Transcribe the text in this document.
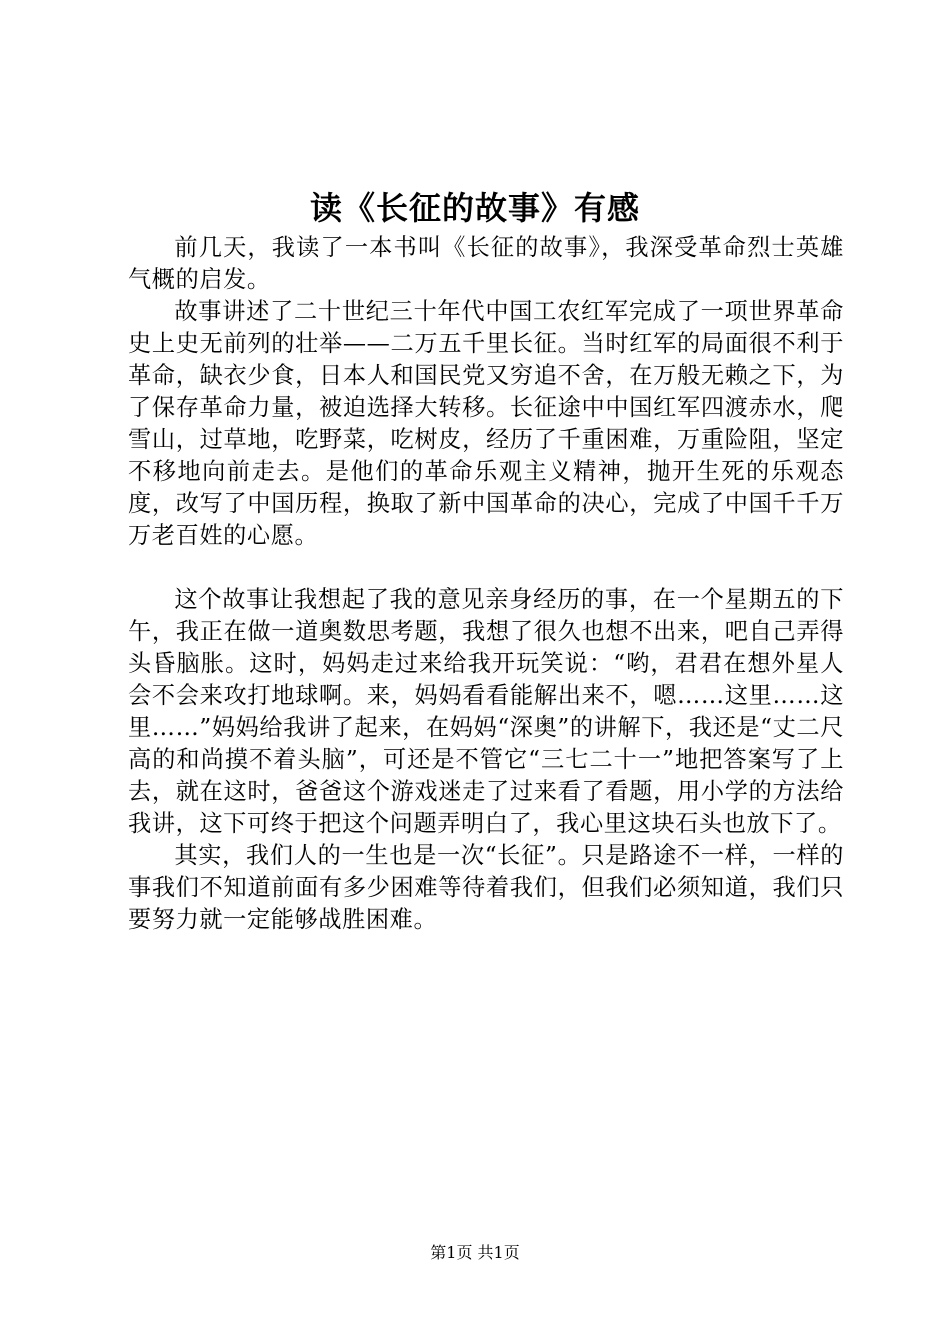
读《长征的故事》有感

前几天，我读了一本书叫《长征的故事》，我深受革命烈士英雄气概的启发。

故事讲述了二十世纪三十年代中国工农红军完成了一项世界革命史上史无前列的壮举——二万五千里长征。当时红军的局面很不利于革命，缺衣少食，日本人和国民党又穷追不舍，在万般无赖之下，为了保存革命力量，被迫选择大转移。长征途中中国红军四渡赤水，爬雪山，过草地，吃野菜，吃树皮，经历了千重困难，万重险阻，坚定不移地向前走去。是他们的革命乐观主义精神，抛开生死的乐观态度，改写了中国历程，换取了新中国革命的决心，完成了中国千千万万老百姓的心愿。

这个故事让我想起了我的意见亲身经历的事，在一个星期五的下午，我正在做一道奥数思考题，我想了很久也想不出来，吧自己弄得头昏脑胀。这时，妈妈走过来给我开玩笑说：“哟，君君在想外星人会不会来攻打地球啊。来，妈妈看看能解出来不，嗯……这里……这里……”妈妈给我讲了起来，在妈妈“深奥”的讲解下，我还是“丈二尺高的和尚摸不着头脑”，可还是不管它“三七二十一”地把答案写了上去，就在这时，爸爸这个游戏迷走了过来看了看题，用小学的方法给我讲，这下可终于把这个问题弄明白了，我心里这块石头也放下了。

其实，我们人的一生也是一次“长征”。只是路途不一样，一样的事我们不知道前面有多少困难等待着我们，但我们必须知道，我们只要努力就一定能够战胜困难。

第1页 共1页
